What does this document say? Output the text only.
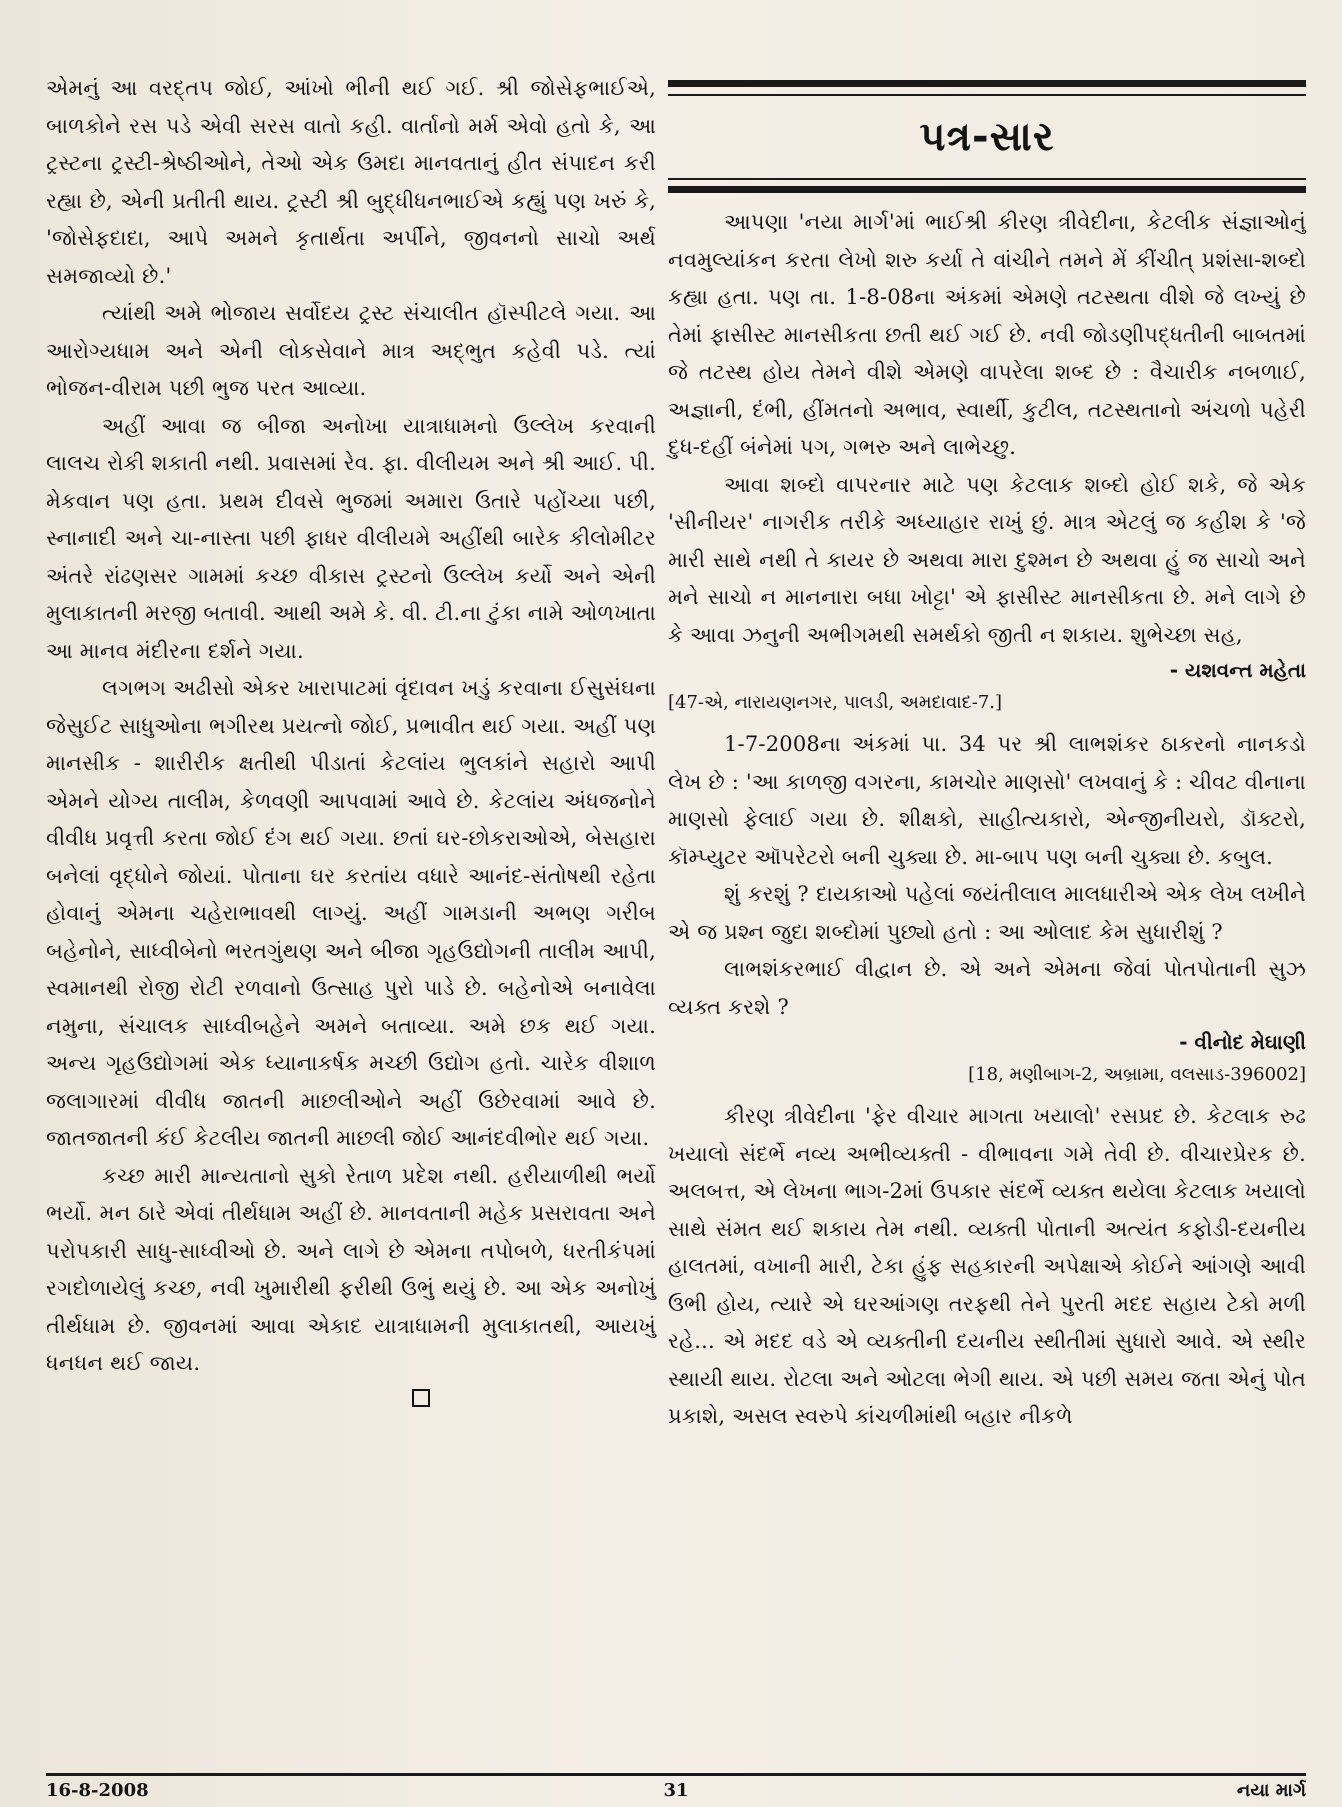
એમનું આ વરદ્‌તપ જોઈ, આંખો ભીની થઈ ગઈ. શ્રી જોસેફભાઈએ, બાળકોને રસ પડે એવી સરસ વાતો કહી. વાર્તાનો મર્મ એવો હતો કે, આ ટ્રસ્ટના ટ્રસ્ટી-શ્રેષ્ઠીઓને, તેઓ એક ઉમદા માનવતાનું હીત સંપાદન કરી રહ્યા છે, એની પ્રતીતી થાય. ટ્રસ્ટી શ્રી બુદ્ધીધનભાઈએ કહ્યું પણ ખરું કે, 'જોસેફદાદા, આપે અમને કૃતાર્થતા અર્પીને, જીવનનો સાચો અર્થ સમજાવ્યો છે.'

ત્યાંથી અમે ભોજાય સર્વોદય ટ્રસ્ટ સંચાલીત હૉસ્પીટલે ગયા. આ આરોગ્યધામ અને એની લોકસેવાને માત્ર અદ્‌ભુત કહેવી પડે. ત્યાં ભોજન-વીરામ પછી ભુજ પરત આવ્યા.

અહીં આવા જ બીજા અનોખા યાત્રાધામનો ઉલ્લેખ કરવાની લાલચ રોકી શકાતી નથી. પ્રવાસમાં રેવ. ફા. વીલીયમ અને શ્રી આઈ. પી. મેકવાન પણ હતા. પ્રથમ દીવસે ભુજમાં અમારા ઉતારે પહોંચ્યા પછી, સ્નાનાદી અને ચા-નાસ્તા પછી ફાધર વીલીયમે અહીંથી બારેક કીલોમીટર અંતરે રાંઢણસર ગામમાં કચ્છ વીકાસ ટ્રસ્ટનો ઉલ્લેખ કર્યો અને એની મુલાકાતની મરજી બતાવી. આથી અમે કે. વી. ટી.ના ટુંકા નામે ઓળખાતા આ માનવ મંદીરના દર્શને ગયા.

લગભગ અઢીસો એકર ખારાપાટમાં વૃંદાવન ખડું કરવાના ઈસુસંઘના જેસુઈટ સાધુઓના ભગીરથ પ્રયત્નો જોઈ, પ્રભાવીત થઈ ગયા. અહીં પણ માનસીક - શારીરીક ક્ષતીથી પીડાતાં કેટલાંય ભુલકાંને સહારો આપી એમને યોગ્ય તાલીમ, કેળવણી આપવામાં આવે છે. કેટલાંય અંધજનોને વીવીધ પ્રવૃત્તી કરતા જોઈ દંગ થઈ ગયા. છતાં ઘર-છોકરાઓએ, બેસહારા બનેલાં વૃદ્ધોને જોયાં. પોતાના ઘર કરતાંય વધારે આનંદ-સંતોષથી રહેતા હોવાનું એમના ચહેરાભાવથી લાગ્યું. અહીં ગામડાની અભણ ગરીબ બહેનોને, સાધ્વીબેનો ભરતગુંથણ અને બીજા ગૃહઉદ્યોગની તાલીમ આપી, સ્વમાનથી રોજી રોટી રળવાનો ઉત્સાહ પુરો પાડે છે. બહેનોએ બનાવેલા નમુના, સંચાલક સાધ્વીબહેને અમને બતાવ્યા. અમે છક થઈ ગયા. અન્ય ગૃહઉદ્યોગમાં એક ધ્યાનાકર્ષક મચ્છી ઉદ્યોગ હતો. ચારેક વીશાળ જલાગારમાં વીવીધ જાતની માછલીઓને અહીં ઉછેરવામાં આવે છે. જાતજાતની કંઈ કેટલીય જાતની માછલી જોઈ આનંદવીભોર થઈ ગયા.

કચ્છ મારી માન્યતાનો સુકો રેતાળ પ્રદેશ નથી. હરીયાળીથી ભર્યો ભર્યો. મન ઠારે એવાં તીર્થધામ અહીં છે. માનવતાની મહેક પ્રસરાવતા અને પરોપકારી સાધુ-સાધ્વીઓ છે. અને લાગે છે એમના તપોબળે, ધરતીકંપમાં રગદોળાયેલું કચ્છ, નવી ખુમારીથી ફરીથી ઉભું થયું છે. આ એક અનોખું તીર્થધામ છે. જીવનમાં આવા એકાદ યાત્રાધામની મુલાકાતથી, આયખું ધનધન થઈ જાય.

પત્ર-સાર

આપણા 'નયા માર્ગ'માં ભાઈશ્રી કીરણ ત્રીવેદીના, કેટલીક સંજ્ઞાઓનું નવમુલ્યાંકન કરતા લેખો શરુ કર્યા તે વાંચીને તમને મેં કીંચીત્‌ પ્રશંસા-શબ્દો કહ્યા હતા. પણ તા. 1-8-08ના અંકમાં એમણે તટસ્થતા વીશે જે લખ્યું છે તેમાં ફાસીસ્ટ માનસીકતા છતી થઈ ગઈ છે. નવી જોડણીપદ્ધતીની બાબતમાં જે તટસ્થ હોય તેમને વીશે એમણે વાપરેલા શબ્દ છે : વૈચારીક નબળાઈ, અજ્ઞાની, દંભી, હીંમતનો અભાવ, સ્વાર્થી, કુટીલ, તટસ્થતાનો અંચળો પહેરી દુધ-દહીં બંનેમાં પગ, ગભરુ અને લાભેચ્છુ.

આવા શબ્દો વાપરનાર માટે પણ કેટલાક શબ્દો હોઈ શકે, જે એક 'સીનીયર' નાગરીક તરીકે અધ્યાહાર રાખું છું. માત્ર એટલું જ કહીશ કે 'જે મારી સાથે નથી તે કાયર છે અથવા મારા દુશ્મન છે અથવા હું જ સાચો અને મને સાચો ન માનનારા બધા ખોટ્ટા' એ ફાસીસ્ટ માનસીકતા છે. મને લાગે છે કે આવા ઝનુની અભીગમથી સમર્થકો જીતી ન શકાય. શુભેચ્છા સહ,

- યશવન્ત મહેતા
[47-એ, નારાયણનગર, પાલડી, અમદાવાદ-7.]

1-7-2008ના અંકમાં પા. 34 પર શ્રી લાભશંકર ઠાકરનો નાનકડો લેખ છે : 'આ કાળજી વગરના, કામચોર માણસો' લખવાનું કે : ચીવટ વીનાના માણસો ફેલાઈ ગયા છે. શીક્ષકો, સાહીત્યકારો, એન્જીનીયરો, ડૉક્ટરો, કૉમ્પ્યુટર ઑપરેટરો બની ચુક્યા છે. મા-બાપ પણ બની ચુક્યા છે. કબુલ.

શું કરશું ? દાયકાઓ પહેલાં જયંતીલાલ માલધારીએ એક લેખ લખીને એ જ પ્રશ્ન જુદા શબ્દોમાં પુછ્યો હતો : આ ઓલાદ કેમ સુધારીશું ?

લાભશંકરભાઈ વીદ્વાન છે. એ અને એમના જેવાં પોતપોતાની સુઝ વ્યક્ત કરશે ?

- વીનોદ મેઘાણી
[18, મણીબાગ-2, અબ્રામા, વલસાડ-396002]

કીરણ ત્રીવેદીના 'ફેર વીચાર માગતા ખયાલો' રસપ્રદ છે. કેટલાક રુઢ ખયાલો સંદર્ભે નવ્ય અભીવ્યક્તી - વીભાવના ગમે તેવી છે. વીચારપ્રેરક છે. અલબત્ત, એ લેખના ભાગ-2માં ઉપકાર સંદર્ભે વ્યક્ત થયેલા કેટલાક ખયાલો સાથે સંમત થઈ શકાય તેમ નથી. વ્યક્તી પોતાની અત્યંત કફોડી-દયનીય હાલતમાં, વખાની મારી, ટેકા હુંફ સહકારની અપેક્ષાએ કોઈને આંગણે આવી ઉભી હોય, ત્યારે એ ઘરઆંગણ તરફથી તેને પુરતી મદદ સહાય ટેકો મળી રહે... એ મદદ વડે એ વ્યક્તીની દયનીય સ્થીતીમાં સુધારો આવે. એ સ્થીર સ્થાયી થાય. રોટલા અને ઓટલા ભેગી થાય. એ પછી સમય જતા એનું પોત પ્રકાશે, અસલ સ્વરુપે કાંચળીમાંથી બહાર નીકળે

16-8-2008	31	નયા માર્ગ
